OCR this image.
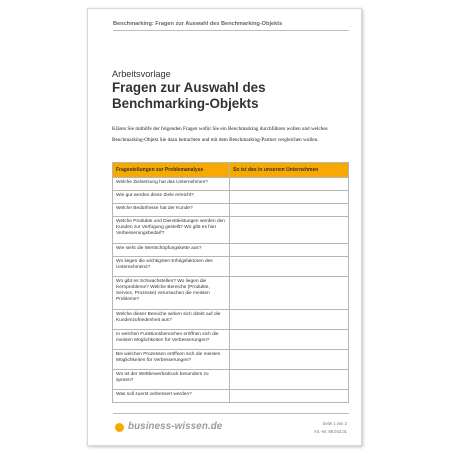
Benchmarking: Fragen zur Auswahl des Benchmarking-Objekts
Arbeitsvorlage
Fragen zur Auswahl des Benchmarking-Objekts
Klären Sie mithilfe der folgenden Fragen wofür Sie ein Benchmarking durchführen wollen und welches Benchmarking-Objekt Sie dazu betrachten und mit dem Benchmarking-Partner vergleichen wollen.
Fragestellungen zur Problemanalyse	So ist das in unserem Unternehmen
Welche Zielsetzung hat das Unternehmen?	
Wie gut werden diese Ziele erreicht?	
Welche Bedürfnisse hat der Kunde?	
Welche Produkte und Dienstleistungen werden den Kunden zur Verfügung gestellt? Wo gibt es hier Verbesserungsbedarf?	
Wie sieht die Wertschöpfungskette aus?	
Wo liegen die wichtigsten Erfolgsfaktoren des Unternehmens?	
Wo gibt es Schwachstellen? Wo liegen die Kernprobleme? Welche Bereiche (Produkte, Service, Prozesse) verursachen die meisten Probleme?	
Welche dieser Bereiche wirken sich direkt auf die Kundenzufriedenheit aus?	
In welchen Funktionsbereichen eröffnen sich die meisten Möglichkeiten für Verbesserungen?	
Bei welchen Prozessen eröffnen sich die meisten Möglichkeiten für Verbesserungen?	
Wo ist der Wettbewerbsdruck besonders zu spüren?	
Was soll zuerst verbessert werden?	
business-wissen.de	Seite 1 von 2
Art.-Nr. 98.043.01
